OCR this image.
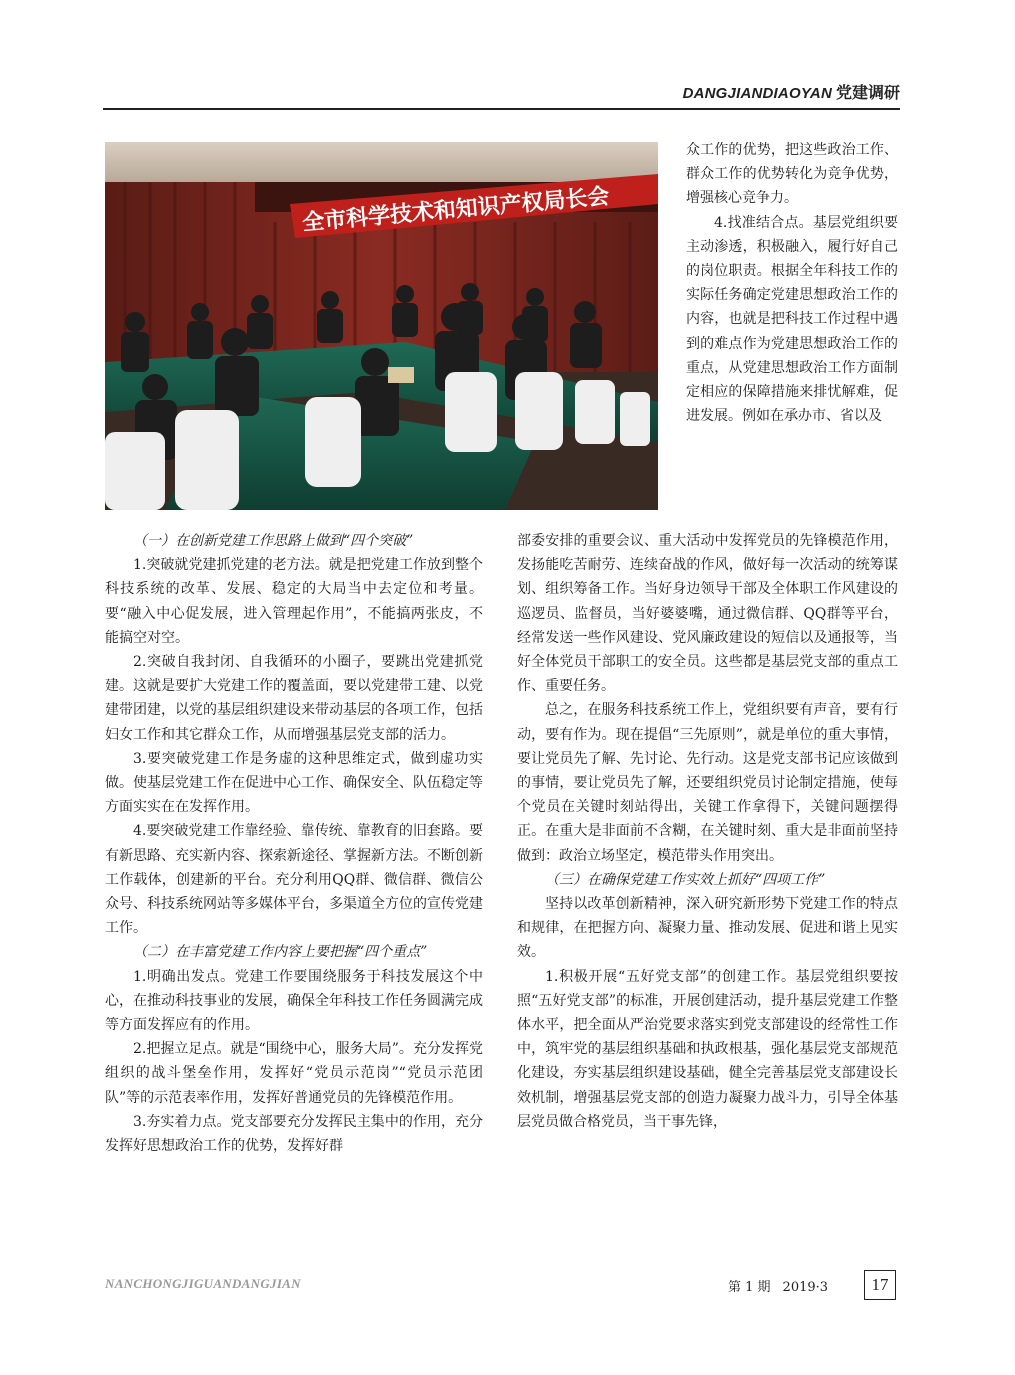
DANGJIANDIAOYAN 党建调研
全市科学技术和知识产权局长会

众工作的优势，把这些政治工作、群众工作的优势转化为竞争优势，增强核心竞争力。

4.找准结合点。基层党组织要主动渗透，积极融入，履行好自己的岗位职责。根据全年科技工作的实际任务确定党建思想政治工作的内容，也就是把科技工作过程中遇到的难点作为党建思想政治工作的重点，从党建思想政治工作方面制定相应的保障措施来排忧解难，促进发展。例如在承办市、省以及

（一）在创新党建工作思路上做到“四个突破”

1.突破就党建抓党建的老方法。就是把党建工作放到整个科技系统的改革、发展、稳定的大局当中去定位和考量。要“融入中心促发展，进入管理起作用”，不能搞两张皮，不能搞空对空。

2.突破自我封闭、自我循环的小圈子，要跳出党建抓党建。这就是要扩大党建工作的覆盖面，要以党建带工建、以党建带团建，以党的基层组织建设来带动基层的各项工作，包括妇女工作和其它群众工作，从而增强基层党支部的活力。

3.要突破党建工作是务虚的这种思维定式，做到虚功实做。使基层党建工作在促进中心工作、确保安全、队伍稳定等方面实实在在发挥作用。

4.要突破党建工作靠经验、靠传统、靠教育的旧套路。要有新思路、充实新内容、探索新途径、掌握新方法。不断创新工作载体，创建新的平台。充分利用QQ群、微信群、微信公众号、科技系统网站等多媒体平台，多渠道全方位的宣传党建工作。

（二）在丰富党建工作内容上要把握“四个重点”

1.明确出发点。党建工作要围绕服务于科技发展这个中心，在推动科技事业的发展，确保全年科技工作任务圆满完成等方面发挥应有的作用。

2.把握立足点。就是“围绕中心，服务大局”。充分发挥党组织的战斗堡垒作用，发挥好“党员示范岗”“党员示范团队”等的示范表率作用，发挥好普通党员的先锋模范作用。

3.夯实着力点。党支部要充分发挥民主集中的作用，充分发挥好思想政治工作的优势，发挥好群

部委安排的重要会议、重大活动中发挥党员的先锋模范作用，发扬能吃苦耐劳、连续奋战的作风，做好每一次活动的统筹谋划、组织筹备工作。当好身边领导干部及全体职工作风建设的巡逻员、监督员，当好婆婆嘴，通过微信群、QQ群等平台，经常发送一些作风建设、党风廉政建设的短信以及通报等，当好全体党员干部职工的安全员。这些都是基层党支部的重点工作、重要任务。

总之，在服务科技系统工作上，党组织要有声音，要有行动，要有作为。现在提倡“三先原则”，就是单位的重大事情，要让党员先了解、先讨论、先行动。这是党支部书记应该做到的事情，要让党员先了解，还要组织党员讨论制定措施，使每个党员在关键时刻站得出，关键工作拿得下，关键问题摆得正。在重大是非面前不含糊，在关键时刻、重大是非面前坚持做到：政治立场坚定，模范带头作用突出。

（三）在确保党建工作实效上抓好“四项工作”

坚持以改革创新精神，深入研究新形势下党建工作的特点和规律，在把握方向、凝聚力量、推动发展、促进和谐上见实效。

1.积极开展“五好党支部”的创建工作。基层党组织要按照“五好党支部”的标准，开展创建活动，提升基层党建工作整体水平，把全面从严治党要求落实到党支部建设的经常性工作中，筑牢党的基层组织基础和执政根基，强化基层党支部规范化建设，夯实基层组织建设基础，健全完善基层党支部建设长效机制，增强基层党支部的创造力凝聚力战斗力，引导全体基层党员做合格党员，当干事先锋，

NANCHONGJIGUANDANGJIAN	第 1 期 2019·3	17
